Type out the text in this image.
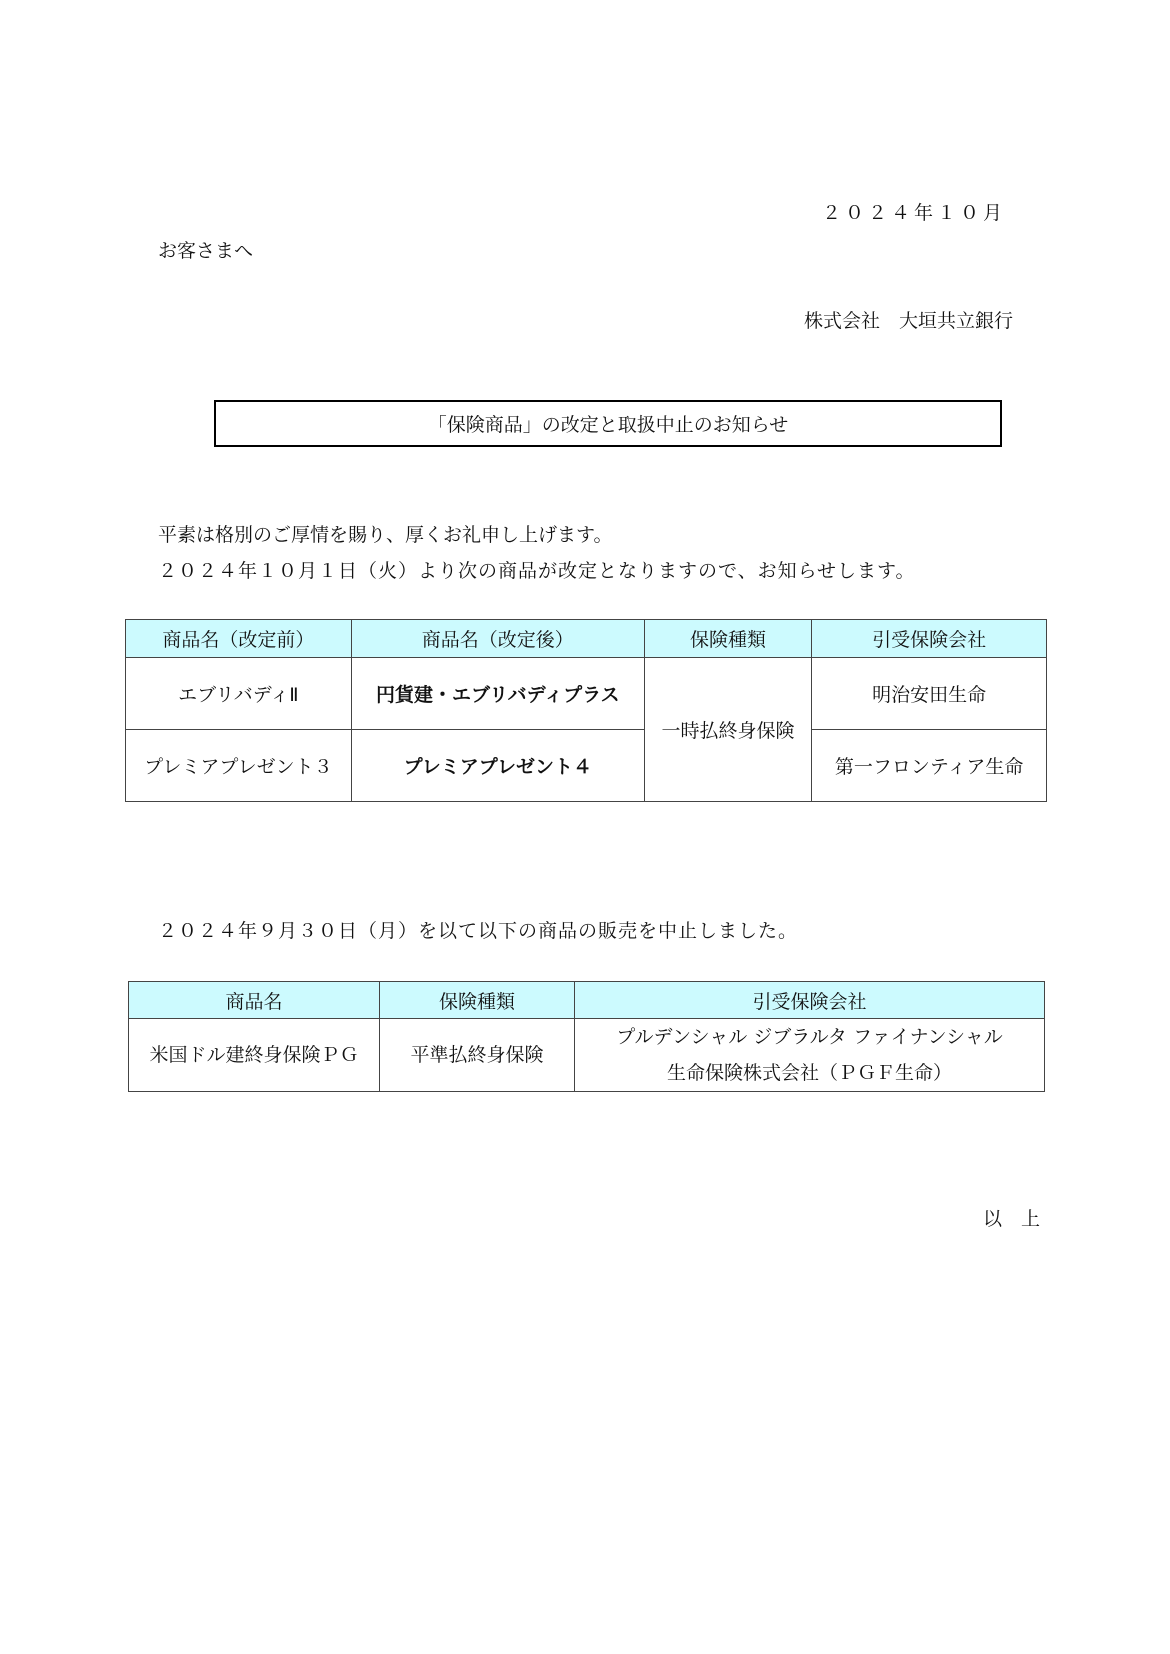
２０２４年１０月
お客さまへ
株式会社　大垣共立銀行
「保険商品」の改定と取扱中止のお知らせ
平素は格別のご厚情を賜り、厚くお礼申し上げます。
２０２４年１０月１日（火）より次の商品が改定となりますので、お知らせします。
商品名（改定前）	商品名（改定後）	保険種類	引受保険会社
エブリバディⅡ	円貨建・エブリバディプラス	一時払終身保険	明治安田生命
プレミアプレゼント３	プレミアプレゼント４		第一フロンティア生命
２０２４年９月３０日（月）を以て以下の商品の販売を中止しました。
商品名	保険種類	引受保険会社
米国ドル建終身保険ＰＧ	平準払終身保険	プルデンシャル ジブラルタ ファイナンシャル
生命保険株式会社（ＰＧＦ生命）
以　上
